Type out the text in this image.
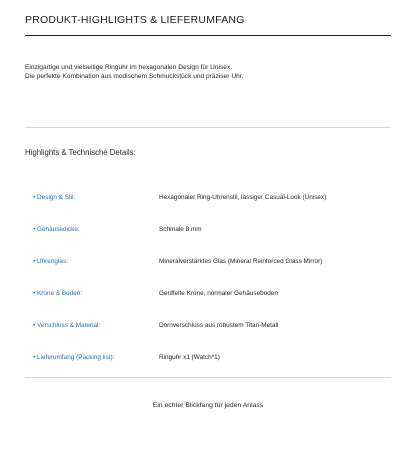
PRODUKT-HIGHLIGHTS & LIEFERUMFANG
Einzigartige und vielseitige Ringuhr im hexagonalen Design für Unisex.
Die perfekte Kombination aus modischem Schmuckstück und präziser Uhr.
Highlights & Technische Details:
• Design & Stil:	Hexagonaler Ring-Uhrenstil, lässiger Casual-Look (Unisex)
• Gehäusedicke:	Schmale 8 mm
• Uhrenglas:	Mineralverstärktes Glas (Mineral Reinforced Glass Mirror)
• Krone & Boden:	Geriffelte Krone, normaler Gehäuseboden
• Verschluss & Material:	Dornverschluss aus robustem Titan-Metall
• Lieferumfang (Packing list):	Ringuhr x1 (Watch*1)
Ein echter Blickfang für jeden Anlass
